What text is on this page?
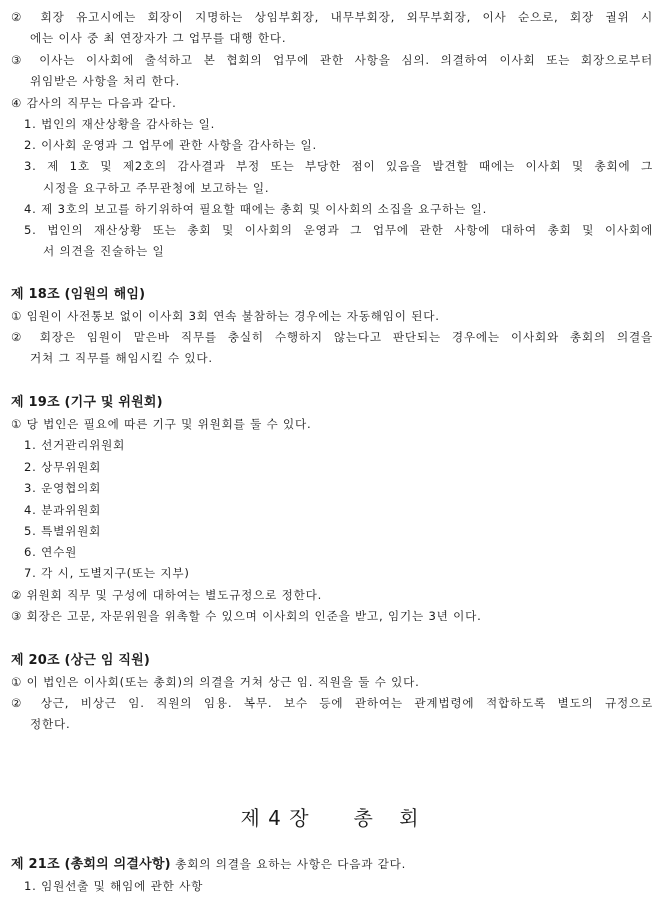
② 회장 유고시에는 회장이 지명하는 상임부회장, 내무부회장, 외무부회장, 이사 순으로, 회장 궐위 시
에는 이사 중 최 연장자가 그 업무를 대행 한다.
③ 이사는 이사회에 출석하고 본 협회의 업무에 관한 사항을 심의. 의결하여 이사회 또는 회장으로부터
위임받은 사항을 처리 한다.
④ 감사의 직무는 다음과 같다.
1. 법인의 재산상황을 감사하는 일.
2. 이사회 운영과 그 업무에 관한 사항을 감사하는 일.
3. 제 1호 및 제2호의 감사결과 부정 또는 부당한 점이 있음을 발견할 때에는 이사회 및 총회에 그
시정을 요구하고 주무관청에 보고하는 일.
4. 제 3호의 보고를 하기위하여 필요할 때에는 총회 및 이사회의 소집을 요구하는 일.
5. 법인의 재산상황 또는 총회 및 이사회의 운영과 그 업무에 관한 사항에 대하여 총회 및 이사회에
서 의견을 진술하는 일
제 18조 (임원의 해임)
① 임원이 사전통보 없이 이사회 3회 연속 불참하는 경우에는 자동해임이 된다.
② 회장은 임원이 맡은바 직무를 충실히 수행하지 않는다고 판단되는 경우에는 이사회와 총회의 의결을
거쳐 그 직무를 해임시킬 수 있다.
제 19조 (기구 및 위원회)
① 당 법인은 필요에 따른 기구 및 위원회를 둘 수 있다.
1. 선거관리위원회
2. 상무위원회
3. 운영협의회
4. 분과위원회
5. 특별위원회
6. 연수원
7. 각 시, 도별지구(또는 지부)
② 위원회 직무 및 구성에 대하여는 별도규정으로 정한다.
③ 회장은 고문, 자문위원을 위촉할 수 있으며 이사회의 인준을 받고, 임기는 3년 이다.
제 20조 (상근 임 직원)
① 이 법인은 이사회(또는 총회)의 의결을 거쳐 상근 임. 직원을 둘 수 있다.
② 상근, 비상근 임. 직원의 임용. 복무. 보수 등에 관하여는 관계법령에 적합하도록 별도의 규정으로
정한다.
제 4 장 총 회
제 21조 (총회의 의결사항) 총회의 의결을 요하는 사항은 다음과 같다.
1. 임원선출 및 해임에 관한 사항
